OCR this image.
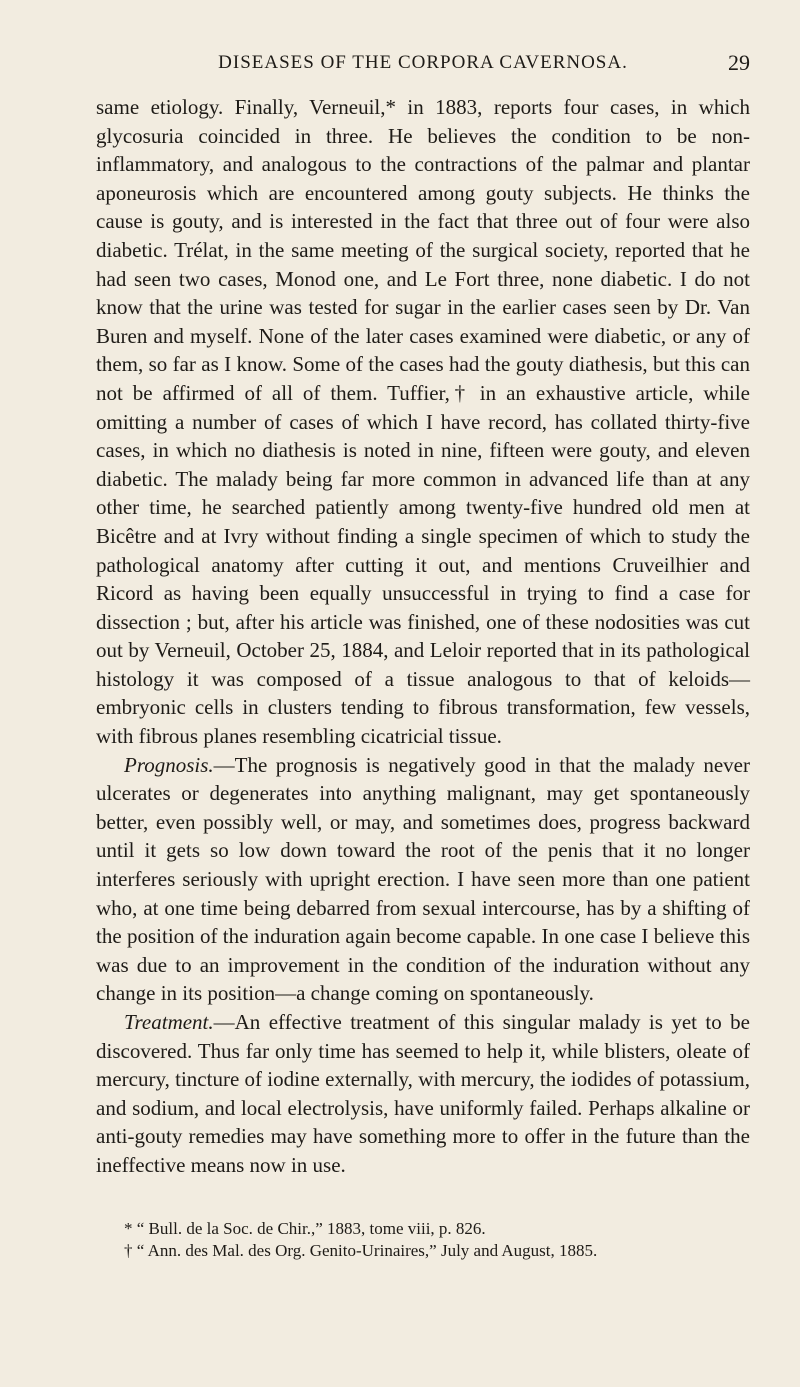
DISEASES OF THE CORPORA CAVERNOSA.	29

same etiology. Finally, Verneuil,* in 1883, reports four cases, in which glycosuria coincided in three. He believes the condition to be non-inflammatory, and analogous to the contractions of the palmar and plantar aponeurosis which are encountered among gouty subjects. He thinks the cause is gouty, and is interested in the fact that three out of four were also diabetic. Trélat, in the same meeting of the surgical society, reported that he had seen two cases, Monod one, and Le Fort three, none diabetic. I do not know that the urine was tested for sugar in the earlier cases seen by Dr. Van Buren and myself. None of the later cases examined were diabetic, or any of them, so far as I know. Some of the cases had the gouty diathesis, but this can not be affirmed of all of them. Tuffier,† in an exhaustive article, while omitting a number of cases of which I have record, has collated thirty-five cases, in which no diathesis is noted in nine, fifteen were gouty, and eleven diabetic. The malady being far more common in advanced life than at any other time, he searched patiently among twenty-five hundred old men at Bicêtre and at Ivry without finding a single specimen of which to study the pathological anatomy after cutting it out, and mentions Cruveilhier and Ricord as having been equally unsuccessful in trying to find a case for dissection ; but, after his article was finished, one of these nodosities was cut out by Verneuil, October 25, 1884, and Leloir reported that in its pathological histology it was composed of a tissue analogous to that of keloids—embryonic cells in clusters tending to fibrous transformation, few vessels, with fibrous planes resembling cicatricial tissue.

Prognosis.—The prognosis is negatively good in that the malady never ulcerates or degenerates into anything malignant, may get spontaneously better, even possibly well, or may, and sometimes does, progress backward until it gets so low down toward the root of the penis that it no longer interferes seriously with upright erection. I have seen more than one patient who, at one time being debarred from sexual intercourse, has by a shifting of the position of the induration again become capable. In one case I believe this was due to an improvement in the condition of the induration without any change in its position—a change coming on spontaneously.

Treatment.—An effective treatment of this singular malady is yet to be discovered. Thus far only time has seemed to help it, while blisters, oleate of mercury, tincture of iodine externally, with mercury, the iodides of potassium, and sodium, and local electrolysis, have uniformly failed. Perhaps alkaline or anti-gouty remedies may have something more to offer in the future than the ineffective means now in use.

* “ Bull. de la Soc. de Chir.,” 1883, tome viii, p. 826.

† “ Ann. des Mal. des Org. Genito-Urinaires,” July and August, 1885.
